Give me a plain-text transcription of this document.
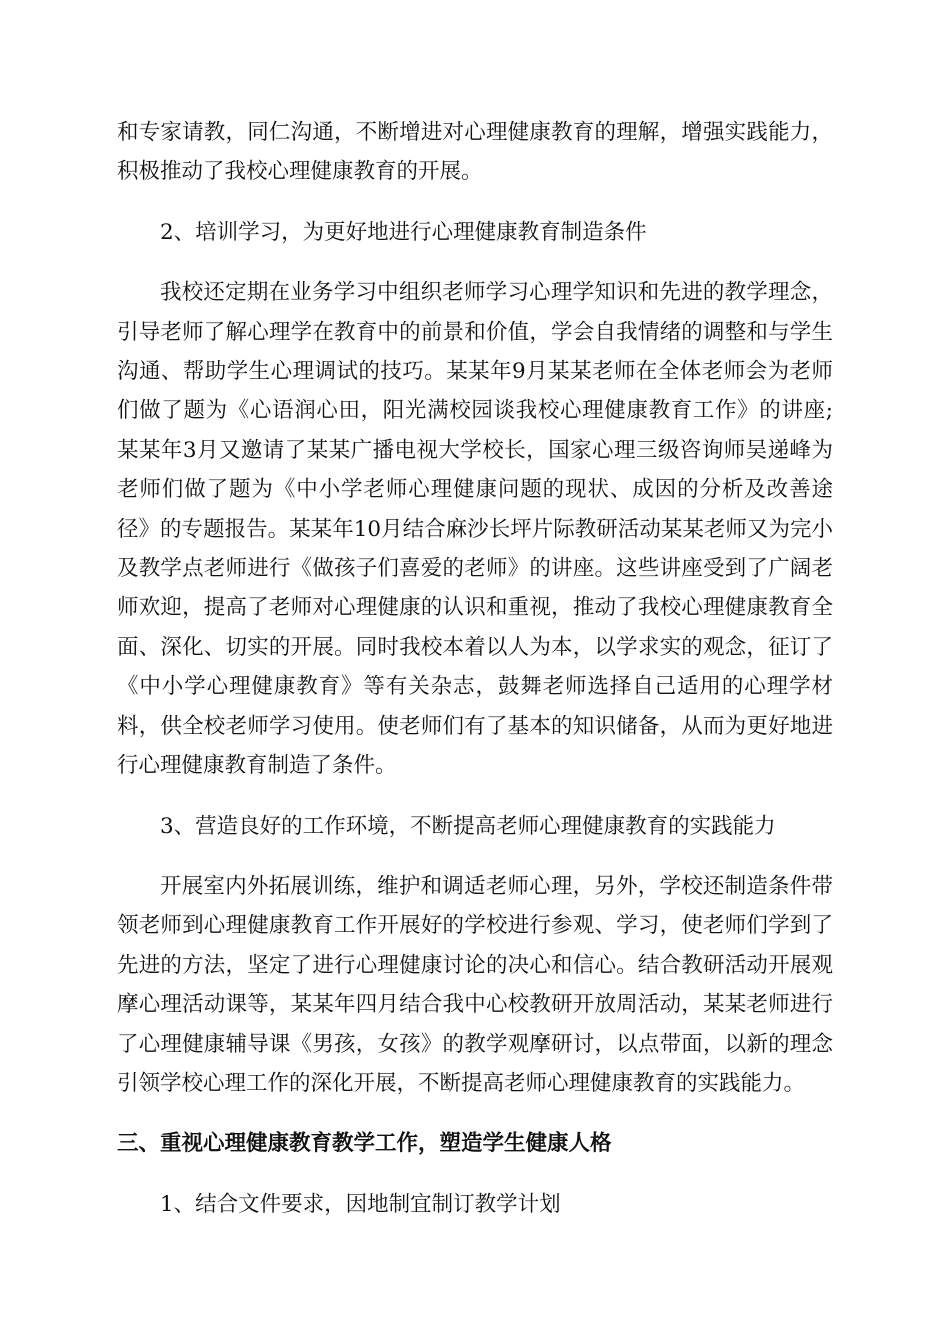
和专家请教，同仁沟通，不断增进对心理健康教育的理解，增强实践能力，积极推动了我校心理健康教育的开展。

2、培训学习，为更好地进行心理健康教育制造条件

我校还定期在业务学习中组织老师学习心理学知识和先进的教学理念，引导老师了解心理学在教育中的前景和价值，学会自我情绪的调整和与学生沟通、帮助学生心理调试的技巧。某某年9月某某老师在全体老师会为老师们做了题为《心语润心田，阳光满校园谈我校心理健康教育工作》的讲座;某某年3月又邀请了某某广播电视大学校长，国家心理三级咨询师吴递峰为老师们做了题为《中小学老师心理健康问题的现状、成因的分析及改善途径》的专题报告。某某年10月结合麻沙长坪片际教研活动某某老师又为完小及教学点老师进行《做孩子们喜爱的老师》的讲座。这些讲座受到了广阔老师欢迎，提高了老师对心理健康的认识和重视，推动了我校心理健康教育全面、深化、切实的开展。同时我校本着以人为本，以学求实的观念，征订了《中小学心理健康教育》等有关杂志，鼓舞老师选择自己适用的心理学材料，供全校老师学习使用。使老师们有了基本的知识储备，从而为更好地进行心理健康教育制造了条件。

3、营造良好的工作环境，不断提高老师心理健康教育的实践能力

开展室内外拓展训练，维护和调适老师心理，另外，学校还制造条件带领老师到心理健康教育工作开展好的学校进行参观、学习，使老师们学到了先进的方法，坚定了进行心理健康讨论的决心和信心。结合教研活动开展观摩心理活动课等，某某年四月结合我中心校教研开放周活动，某某老师进行了心理健康辅导课《男孩，女孩》的教学观摩研讨，以点带面，以新的理念引领学校心理工作的深化开展，不断提高老师心理健康教育的实践能力。

三、重视心理健康教育教学工作，塑造学生健康人格

1、结合文件要求，因地制宜制订教学计划
